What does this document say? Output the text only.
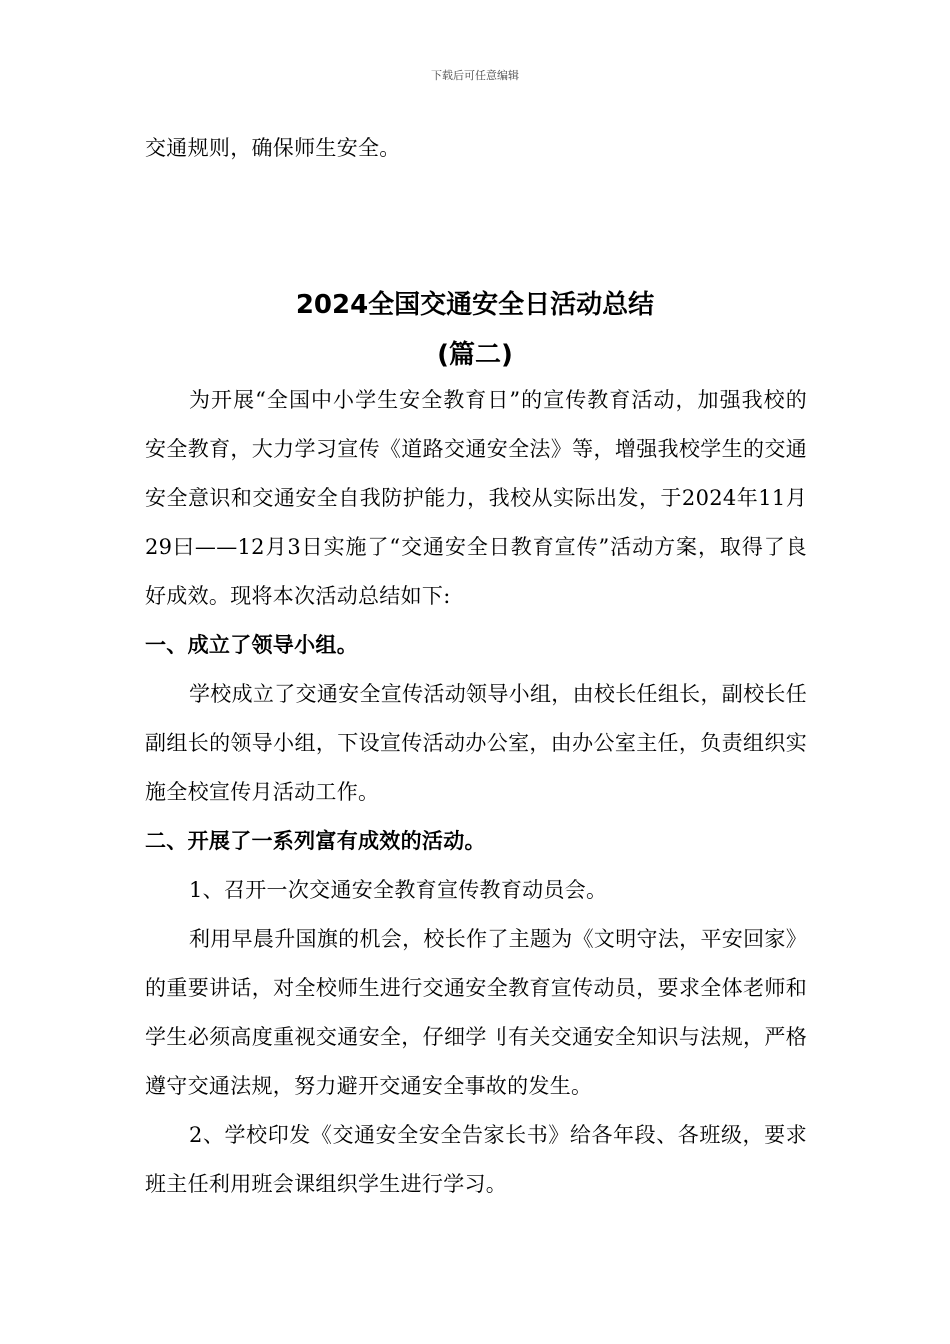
下载后可任意编辑
交通规则，确保师生安全。
2024全国交通安全日活动总结
(篇二)

为开展“全国中小学生安全教育日”的宣传教育活动，加强我校的安全教育，大力学习宣传《道路交通安全法》等，增强我校学生的交通安全意识和交通安全自我防护能力，我校从实际出发，于2024年11月29曰——12月3日实施了“交通安全日教育宣传”活动方案，取得了良好成效。现将本次活动总结如下:

一、成立了领导小组。

学校成立了交通安全宣传活动领导小组，由校长任组长，副校长任副组长的领导小组，下设宣传活动办公室，由办公室主任，负责组织实施全校宣传月活动工作。

二、开展了一系列富有成效的活动。

1、召开一次交通安全教育宣传教育动员会。

利用早晨升国旗的机会，校长作了主题为《文明守法，平安回家》的重要讲话，对全校师生进行交通安全教育宣传动员，要求全体老师和学生必须高度重视交通安全，仔细学刂有关交通安全知识与法规，严格遵守交通法规，努力避开交通安全事故的发生。

2、学校印发《交通安全安全告家长书》给各年段、各班级，要求班主任利用班会课组织学生进行学习。
